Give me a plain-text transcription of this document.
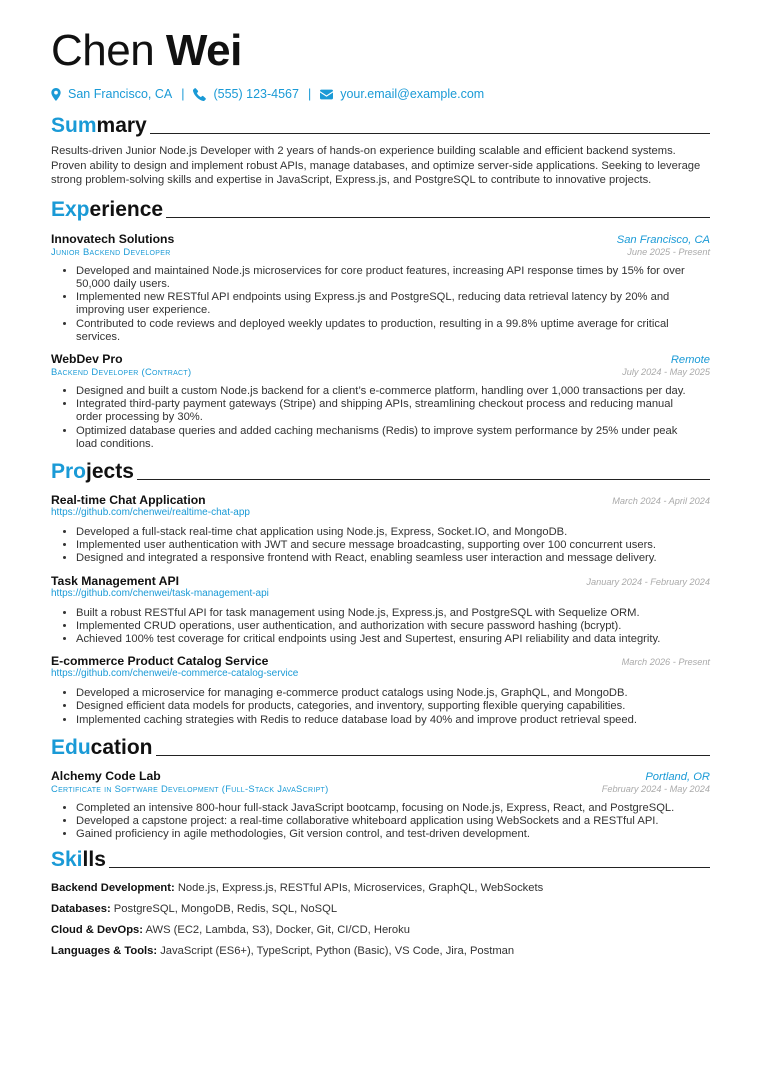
Chen Wei
San Francisco, CA | (555) 123-4567 | your.email@example.com
Summary
Results-driven Junior Node.js Developer with 2 years of hands-on experience building scalable and efficient backend systems. Proven ability to design and implement robust APIs, manage databases, and optimize server-side applications. Seeking to leverage strong problem-solving skills and expertise in JavaScript, Express.js, and PostgreSQL to contribute to innovative projects.
Experience
Innovatech Solutions	San Francisco, CA
Junior Backend Developer	June 2025 - Present
• Developed and maintained Node.js microservices for core product features, increasing API response times by 15% for over 50,000 daily users.
• Implemented new RESTful API endpoints using Express.js and PostgreSQL, reducing data retrieval latency by 20% and improving user experience.
• Contributed to code reviews and deployed weekly updates to production, resulting in a 99.8% uptime average for critical services.
WebDev Pro	Remote
Backend Developer (Contract)	July 2024 - May 2025
• Designed and built a custom Node.js backend for a client’s e-commerce platform, handling over 1,000 transactions per day.
• Integrated third-party payment gateways (Stripe) and shipping APIs, streamlining checkout process and reducing manual order processing by 30%.
• Optimized database queries and added caching mechanisms (Redis) to improve system performance by 25% under peak load conditions.
Projects
Real-time Chat Application	March 2024 - April 2024
https://github.com/chenwei/realtime-chat-app
• Developed a full-stack real-time chat application using Node.js, Express, Socket.IO, and MongoDB.
• Implemented user authentication with JWT and secure message broadcasting, supporting over 100 concurrent users.
• Designed and integrated a responsive frontend with React, enabling seamless user interaction and message delivery.
Task Management API	January 2024 - February 2024
https://github.com/chenwei/task-management-api
• Built a robust RESTful API for task management using Node.js, Express.js, and PostgreSQL with Sequelize ORM.
• Implemented CRUD operations, user authentication, and authorization with secure password hashing (bcrypt).
• Achieved 100% test coverage for critical endpoints using Jest and Supertest, ensuring API reliability and data integrity.
E-commerce Product Catalog Service	March 2026 - Present
https://github.com/chenwei/e-commerce-catalog-service
• Developed a microservice for managing e-commerce product catalogs using Node.js, GraphQL, and MongoDB.
• Designed efficient data models for products, categories, and inventory, supporting flexible querying capabilities.
• Implemented caching strategies with Redis to reduce database load by 40% and improve product retrieval speed.
Education
Alchemy Code Lab	Portland, OR
Certificate in Software Development (Full-Stack JavaScript)	February 2024 - May 2024
• Completed an intensive 800-hour full-stack JavaScript bootcamp, focusing on Node.js, Express, React, and PostgreSQL.
• Developed a capstone project: a real-time collaborative whiteboard application using WebSockets and a RESTful API.
• Gained proficiency in agile methodologies, Git version control, and test-driven development.
Skills
Backend Development: Node.js, Express.js, RESTful APIs, Microservices, GraphQL, WebSockets
Databases: PostgreSQL, MongoDB, Redis, SQL, NoSQL
Cloud & DevOps: AWS (EC2, Lambda, S3), Docker, Git, CI/CD, Heroku
Languages & Tools: JavaScript (ES6+), TypeScript, Python (Basic), VS Code, Jira, Postman
